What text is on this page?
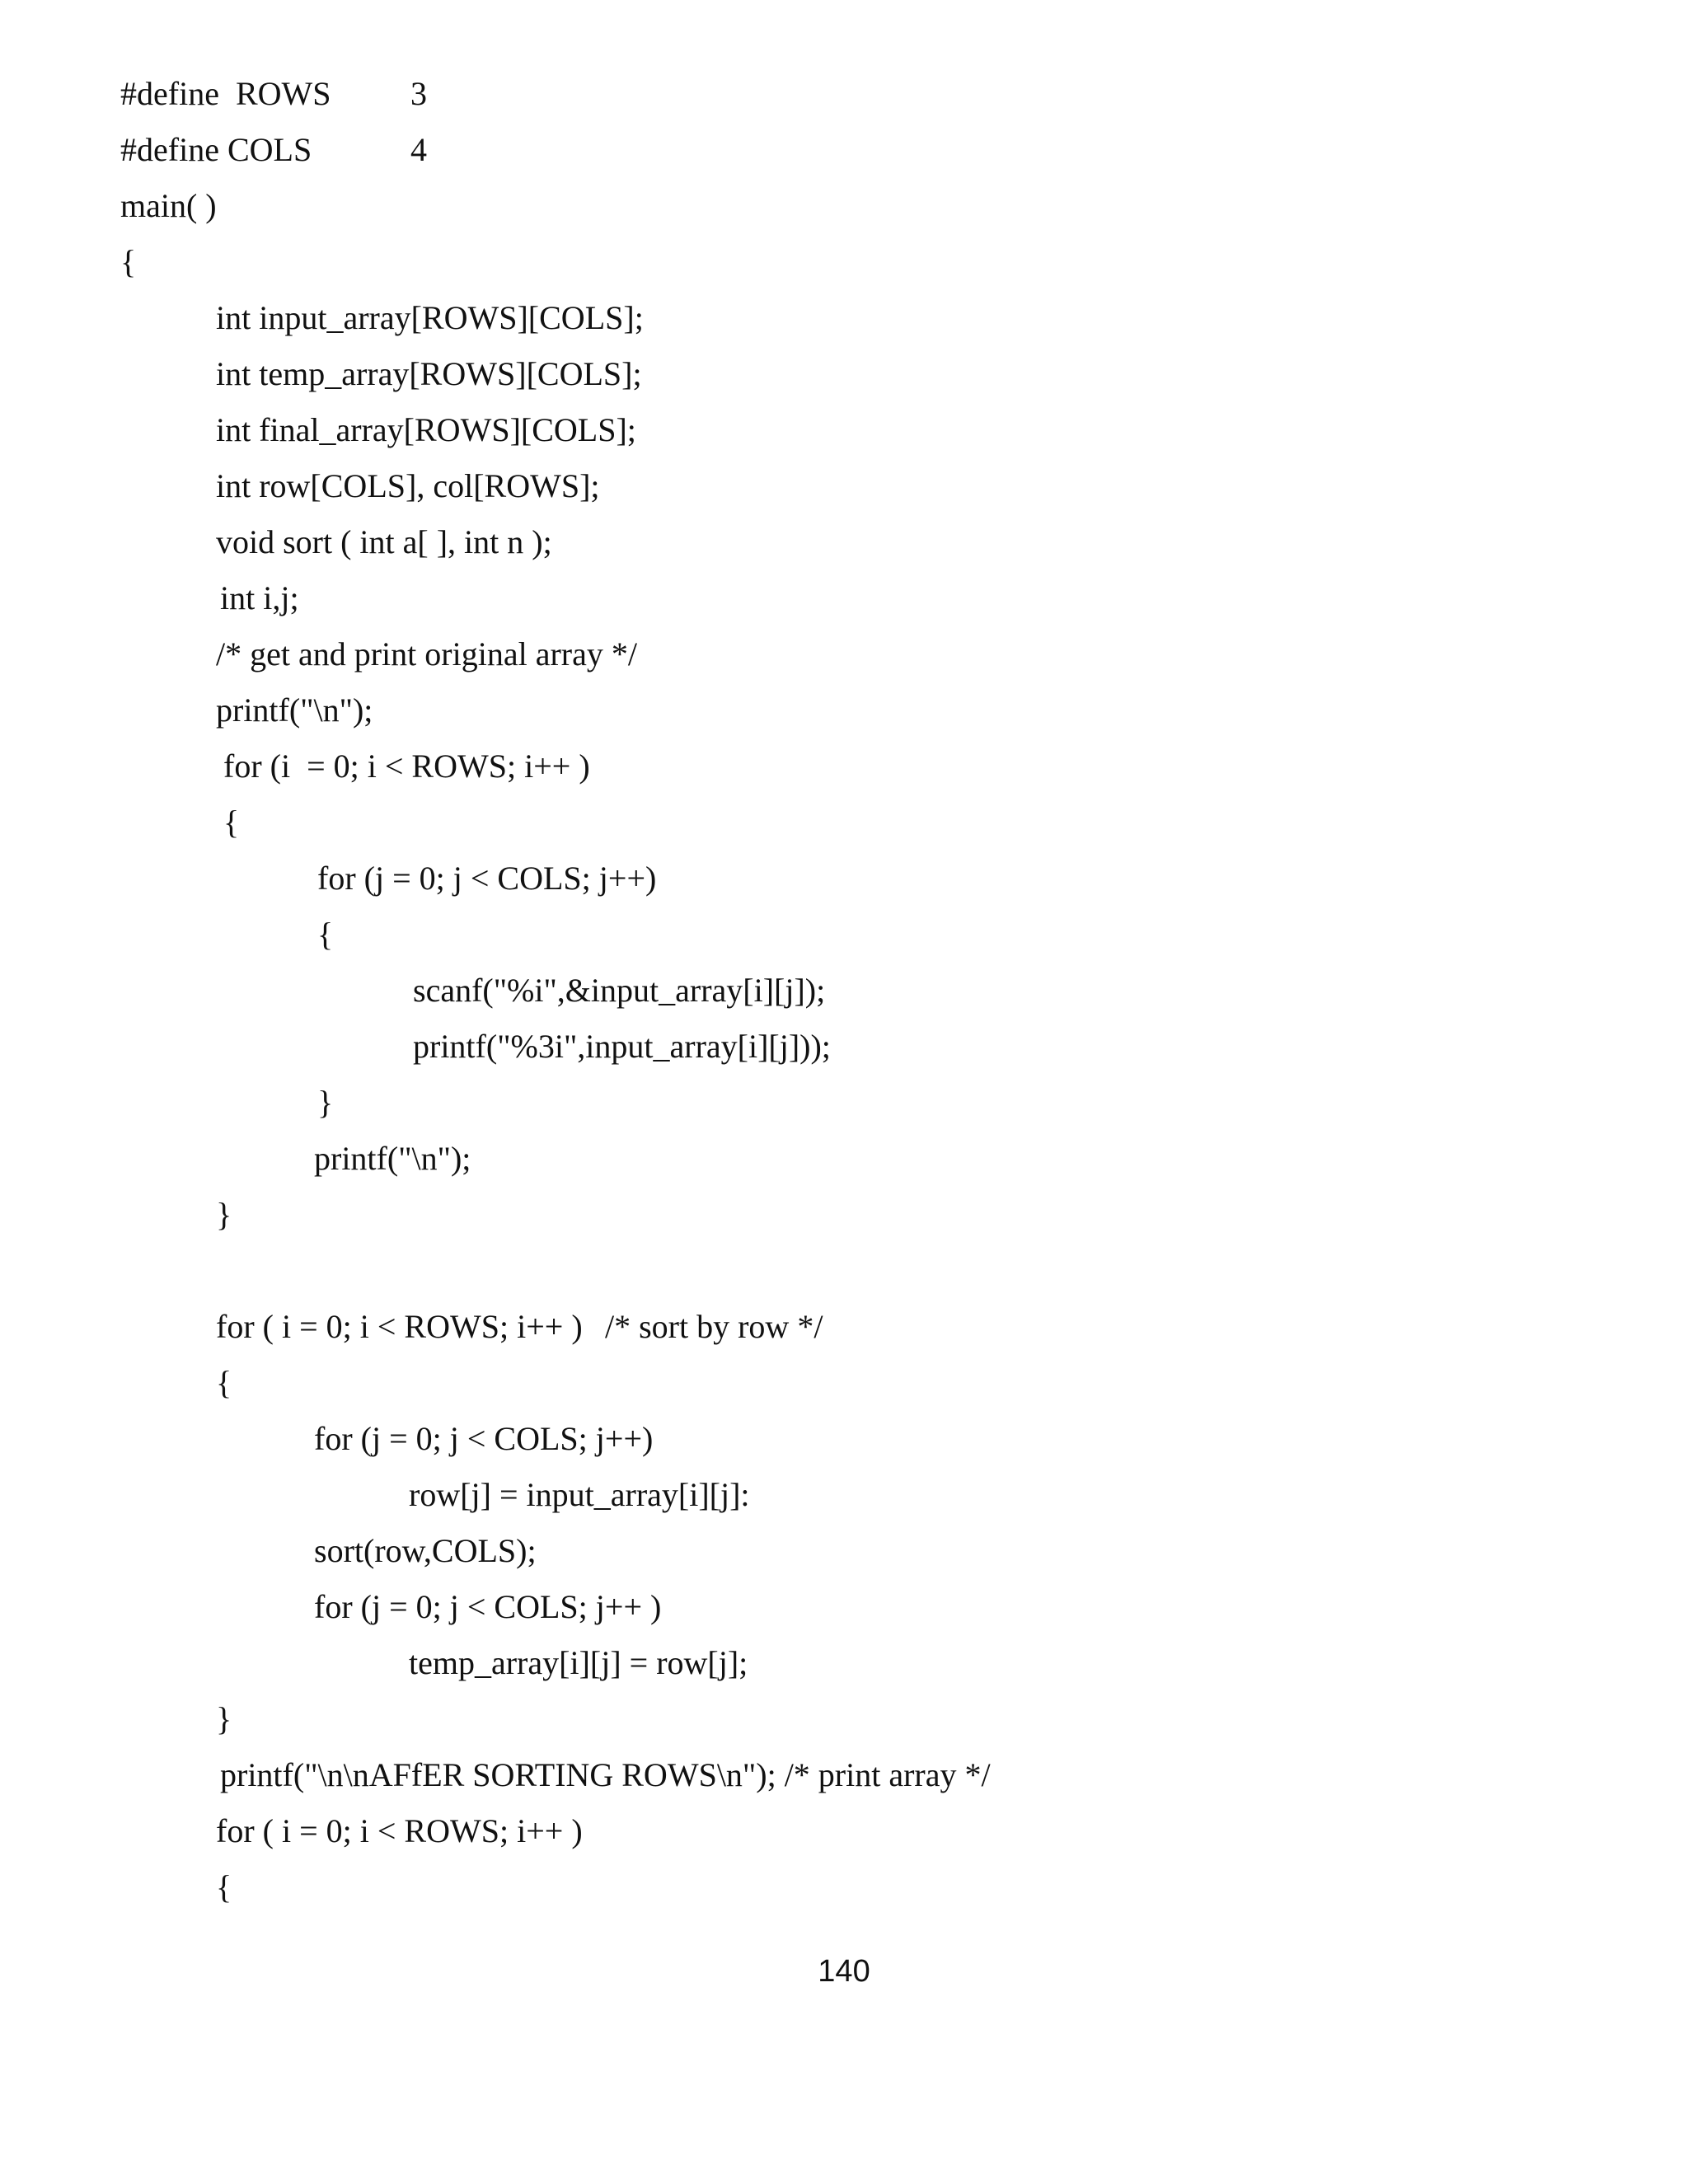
#define  ROWS

3

#define COLS

	4

main( )
{
int input_array[ROWS][COLS];
int temp_array[ROWS][COLS];
int final_array[ROWS][COLS];
int row[COLS], col[ROWS];
void sort ( int a[ ], int n );
int i,j;
/* get and print original array */
printf("\n");
for (i  = 0; i < ROWS; i++ )
{
for (j = 0; j < COLS; j++)
{
scanf("%i",&input_array[i][j]);
printf("%3i",input_array[i][j]));
}
printf("\n");
}

for ( i = 0; i < ROWS; i++ )

/* sort by row */

{
for (j = 0; j < COLS; j++)
row[j] = input_array[i][j]:
sort(row,COLS);
for (j = 0; j < COLS; j++ )
temp_array[i][j] = row[j];
}
printf("\n\nAFfER SORTING ROWS\n"); /* print array */
for ( i = 0; i < ROWS; i++ )
{
140
